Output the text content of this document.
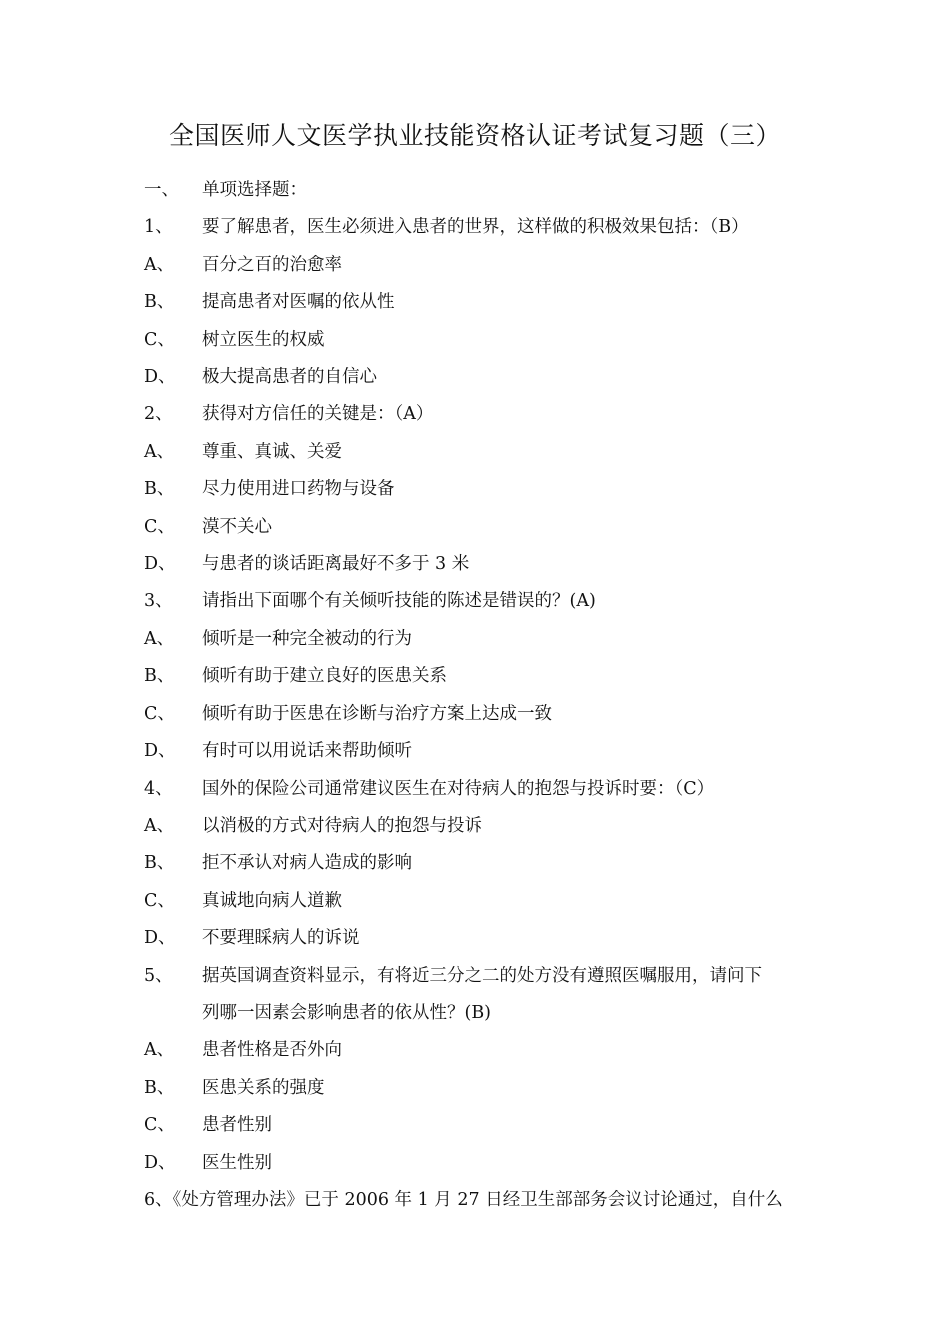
全国医师人文医学执业技能资格认证考试复习题（三）
一、	单项选择题：
1、	要了解患者，医生必须进入患者的世界，这样做的积极效果包括：（B）
A、	百分之百的治愈率
B、	提高患者对医嘱的依从性
C、	树立医生的权威
D、	极大提高患者的自信心
2、	获得对方信任的关键是：（A）
A、	尊重、真诚、关爱
B、	尽力使用进口药物与设备
C、	漠不关心
D、	与患者的谈话距离最好不多于 3 米
3、	请指出下面哪个有关倾听技能的陈述是错误的？(A)
A、	倾听是一种完全被动的行为
B、	倾听有助于建立良好的医患关系
C、	倾听有助于医患在诊断与治疗方案上达成一致
D、	有时可以用说话来帮助倾听
4、	国外的保险公司通常建议医生在对待病人的抱怨与投诉时要：（C）
A、	以消极的方式对待病人的抱怨与投诉
B、	拒不承认对病人造成的影响
C、	真诚地向病人道歉
D、	不要理睬病人的诉说
5、	据英国调查资料显示，有将近三分之二的处方没有遵照医嘱服用，请问下
列哪一因素会影响患者的依从性？(B)
A、	患者性格是否外向
B、	医患关系的强度
C、	患者性别
D、	医生性别
6、《处方管理办法》已于 2006 年 1 月 27 日经卫生部部务会议讨论通过，自什么
